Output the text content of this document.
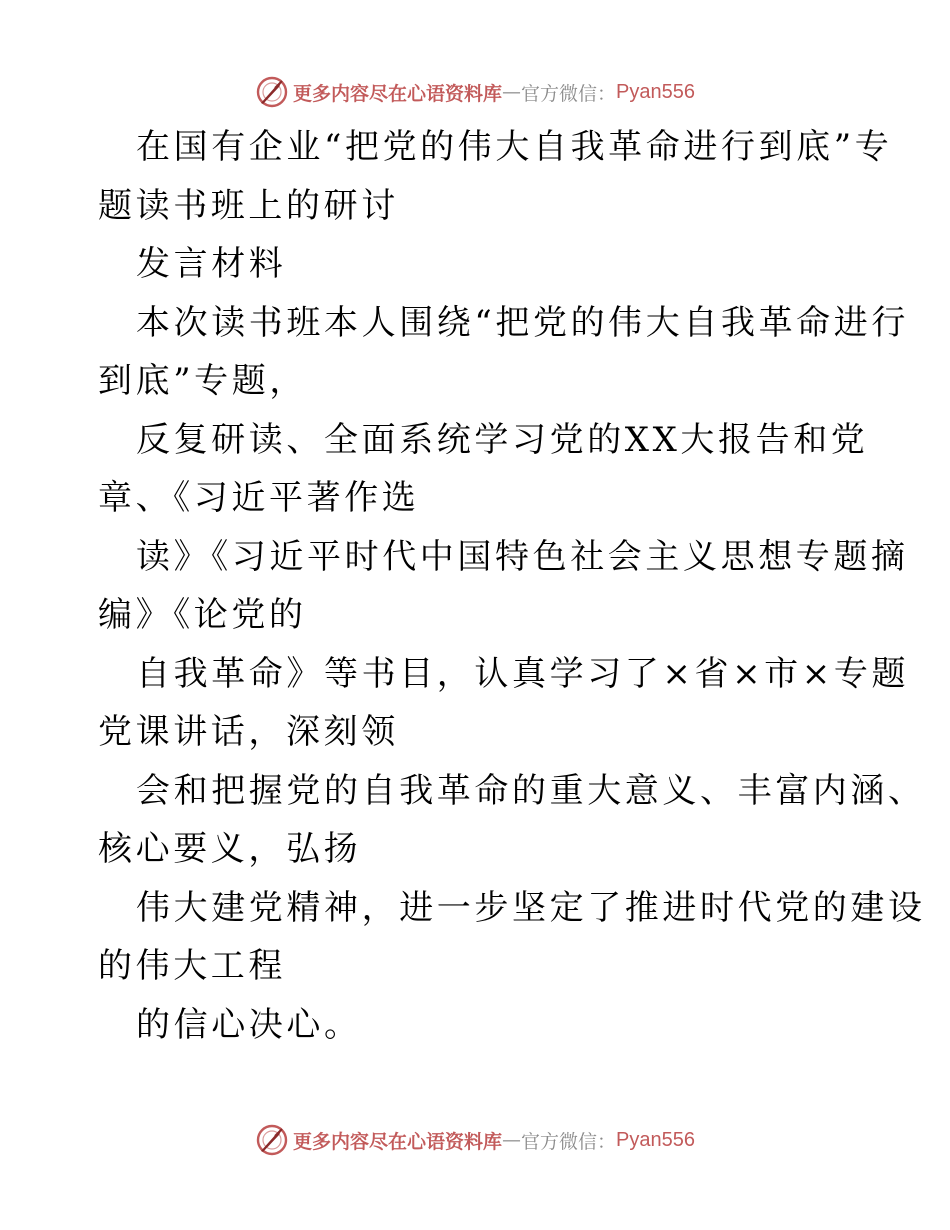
更多内容尽在心语资料库 — 官方微信： Pyan556

在国有企业“把党的伟大自我革命进行到底”专
题读书班上的研讨

发言材料

本次读书班本人围绕“把党的伟大自我革命进行
到底”专题，

反复研读、全面系统学习党的XX大报告和党
章、《习近平著作选

读》《习近平时代中国特色社会主义思想专题摘
编》《论党的

自我革命》等书目，认真学习了×省×市×专题
党课讲话，深刻领

会和把握党的自我革命的重大意义、丰富内涵、
核心要义，弘扬

伟大建党精神，进一步坚定了推进时代党的建设
的伟大工程

的信心决心。

更多内容尽在心语资料库 — 官方微信： Pyan556
